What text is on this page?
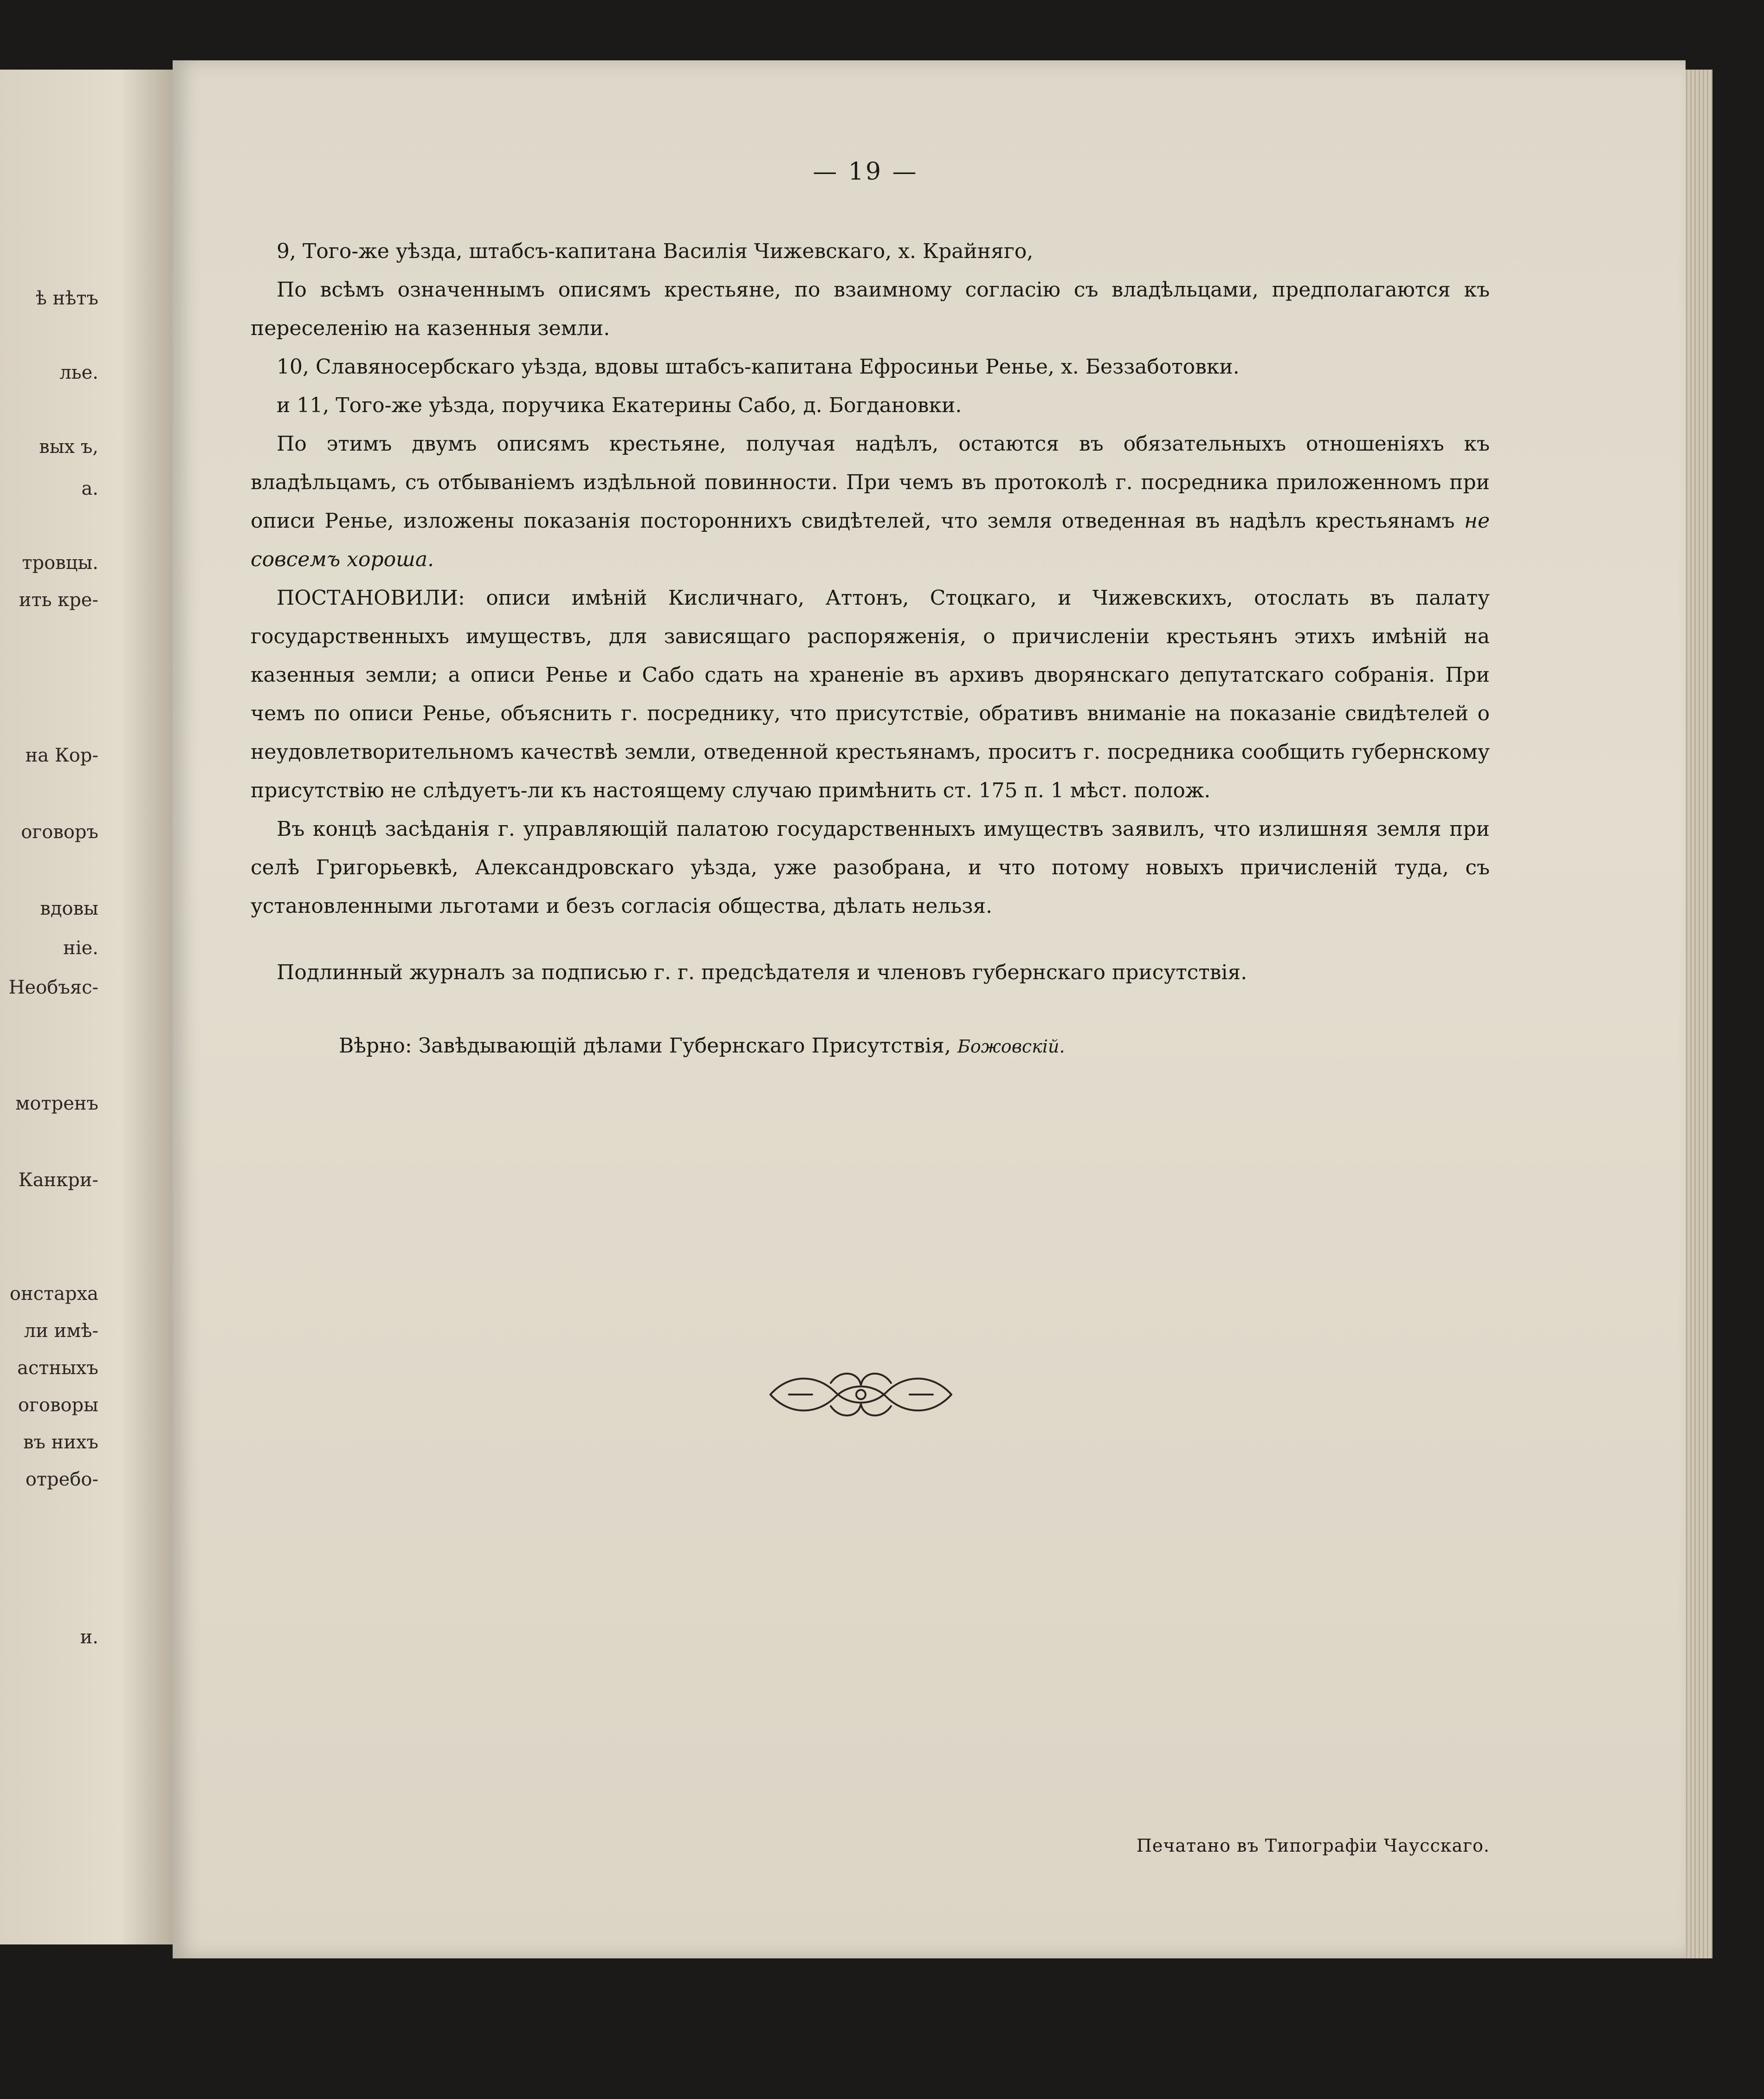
ѣ нѣтъ
лье.
вых ъ,
а.
тровцы.
ить кре-
на Кор-
оговоръ
вдовы
ніе.
Необъяс-
мотренъ
Канкри-
онстарха
ли имѣ-
астныхъ
оговоры
въ нихъ
отребо-
и.
— 19 —

9, Того-же уѣзда, штабсъ-капитана Василія Чижевскаго, х. Крайняго,

По всѣмъ означеннымъ описямъ крестьяне, по взаимному согласію съ владѣльцами, предполагаются къ переселенію на казенныя земли.

10, Славяносербскаго уѣзда, вдовы штабсъ-капитана Ефросиньи Ренье, х. Беззаботовки.

и 11, Того-же уѣзда, поручика Екатерины Сабо, д. Богдановки.

По этимъ двумъ описямъ крестьяне, получая надѣлъ, остаются въ обязательныхъ отношеніяхъ къ владѣльцамъ, съ отбываніемъ издѣльной повинности. При чемъ въ протоколѣ г. посредника приложенномъ при описи Ренье, изложены показанія постороннихъ свидѣтелей, что земля отведенная въ надѣлъ крестьянамъ не совсемъ хороша.

ПОСТАНОВИЛИ: описи имѣній Кисличнаго, Аттонъ, Стоцкаго, и Чижевскихъ, отослать въ палату государственныхъ имуществъ, для зависящаго распоряженія, о причисленіи крестьянъ этихъ имѣній на казенныя земли; а описи Ренье и Сабо сдать на храненіе въ архивъ дворянскаго депутатскаго собранія. При чемъ по описи Ренье, объяснить г. посреднику, что присутствіе, обративъ вниманіе на показаніе свидѣтелей о неудовлетворительномъ качествѣ земли, отведенной крестьянамъ, проситъ г. посредника сообщить губернскому присутствію не слѣдуетъ-ли къ настоящему случаю примѣнить ст. 175 п. 1 мѣст. полож.

Въ концѣ засѣданія г. управляющій палатою государственныхъ имуществъ заявилъ, что излишняя земля при селѣ Григорьевкѣ, Александровскаго уѣзда, уже разобрана, и что потому новыхъ причисленій туда, съ установленными льготами и безъ согласія общества, дѣлать нельзя.

Подлинный журналъ за подписью г. г. предсѣдателя и членовъ губернскаго присутствія.

Вѣрно: Завѣдывающій дѣлами Губернскаго Присутствія, Божовскій.

Печатано въ Типографіи Чаусскаго.
